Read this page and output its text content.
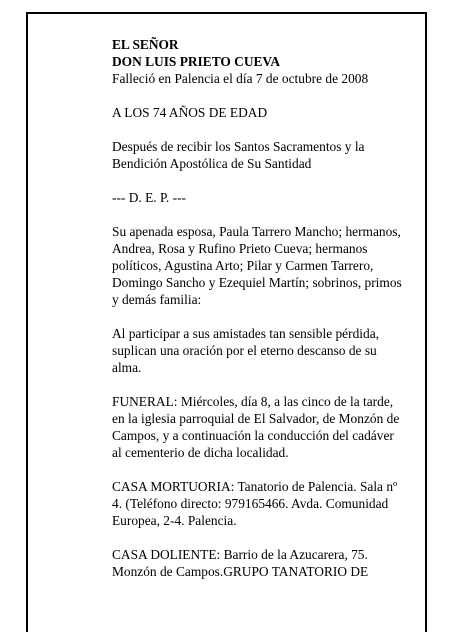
EL SEÑOR

DON LUIS PRIETO CUEVA

Falleció en Palencia el día 7 de octubre de 2008

A LOS 74 AÑOS DE EDAD

Después de recibir los Santos Sacramentos y la Bendición Apostólica de Su Santidad

--- D. E. P. ---

Su apenada esposa, Paula Tarrero Mancho; hermanos, Andrea, Rosa y Rufino Prieto Cueva; hermanos políticos, Agustina Arto; Pilar y Carmen Tarrero, Domingo Sancho y Ezequiel Martín; sobrinos, primos y demás familia:

Al participar a sus amistades tan sensible pérdida, suplican una oración por el eterno descanso de su alma.

FUNERAL: Miércoles, día 8, a las cinco de la tarde, en la iglesia parroquial de El Salvador, de Monzón de Campos, y a continuación la conducción del cadáver al cementerio de dicha localidad.

CASA MORTUORIA: Tanatorio de Palencia. Sala nº 4. (Teléfono directo: 979165466. Avda. Comunidad Europea, 2-4. Palencia.

CASA DOLIENTE: Barrio de la Azucarera, 75. Monzón de Campos.GRUPO TANATORIO DE
